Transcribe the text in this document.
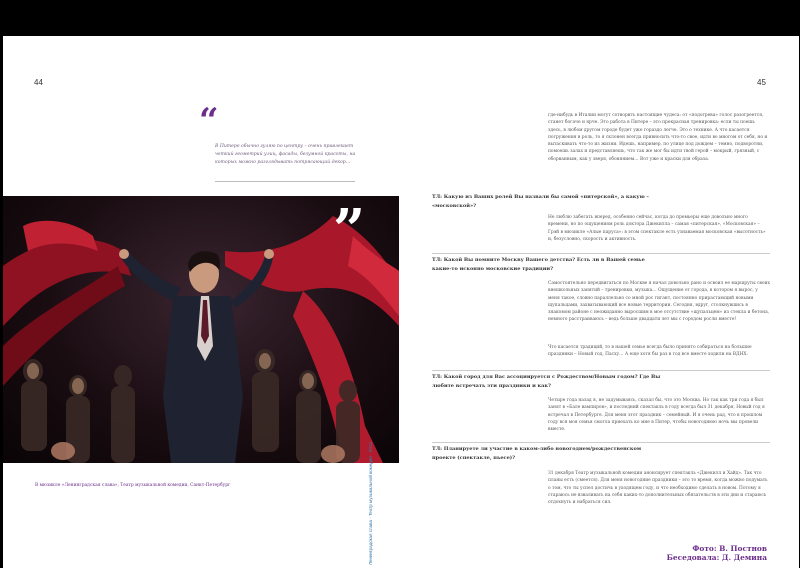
44	45
“
В Питере обычно гуляю по центру – очень привлекает четкий геометрий улиц, фасады, безумной красоты, на которых можно разглядывать потрясающий декор…
”
В мюзикле «Ленинградская слава», Театр музыкальной комедии, Санкт-Петербург	Ленинградская слава · Театр музыкальной комедии · 2014
где-нибудь в Италии могут сотворить настоящие чудеса: от «подогрева» голос разогреется, станет богаче и ярче. Это работа в Питере – это прекрасная тренировка: если ты поешь здесь, в любом другом городе будет уже гораздо легче. Это о технике. А что касается погружения в роль, то я склонен всегда привносить что-то свое, идти во многом от себя, но и вытаскивать что-то из жизни. Идешь, например, по улице под дождем – темно, подворотни, помоешь залах и представляешь, что так же мог бы идти твой герой – мокрый, грязный, с оборванным, как у зверя, обонянием… Вот уже и краски для образа.
ТЛ: Какую из Ваших ролей Вы назвали бы самой «питерской», а какую – «московской»?
Не люблю забегать вперед, особенно сейчас, когда до премьеры еще довольно много времени, но по ощущениям роль доктора Джекилла – самая «питерская», «Московская» – Грэй в мюзикле «Алые паруса»: в этом спектакле есть узнаваемая московская «высотность» и, безусловно, скорость и активность.
ТЛ: Какой Вы помните Москву Вашего детства? Есть ли в Вашей семье какие-то исконно московские традиции?
Самостоятельно передвигаться по Москве я начал довольно рано и освоил ее маршруты своих внешкольных занятий – тренировки, музыка… Ощущение от города, в котором я вырос, у меня такое, словно параллельно со мной рос гигант, постоянно прирастающий новыми щупальцами, захватывающий все новые территории. Сегодня, вдруг, столкнувшись в знакомом районе с неожиданно выросшим в мое отсутствие «щупальцем» из стекла и бетона, немного расстраиваюсь – ведь больше двадцати лет мы с городом росли вместе!
Что касается традиций, то в нашей семье всегда было принято собираться на большие праздники – Новый год, Пасху… А еще хотя бы раз в год все вместе ходили на ВДНХ.
ТЛ: Какой город для Вас ассоциируется с Рождеством/Новым годом? Где Вы любите встречать эти праздники и как?
Четыре года назад я, не задумываясь, сказал бы, что это Москва. Но так как три года я был занят в «Бале вампиров», и последний спектакль в году всегда был 31 декабря, Новый год я встречал в Петербурге. Для меня этот праздник – семейный. И я очень рад, что в прошлом году вся моя семья смогла приехать ко мне в Питер, чтобы новогоднюю ночь мы провели вместе.
ТЛ: Планируете ли участие в каком-либо новогоднем/рождественском проекте (спектакле, пьесе)?
31 декабря Театр музыкальной комедии анонсирует спектакль «Джекилл и Хайд». Так что планы есть (смеется). Для меня новогодние праздники – это то время, когда можно подумать о том, что ты успел достичь в уходящем году, и что необходимо сделать в новом. Потому я стараюсь не взваливать на себя каких-то дополнительных обязательств в эти дни и стараюсь отдохнуть и набраться сил.
Фото: В. Постнов
Беседовала: Д. Демина
